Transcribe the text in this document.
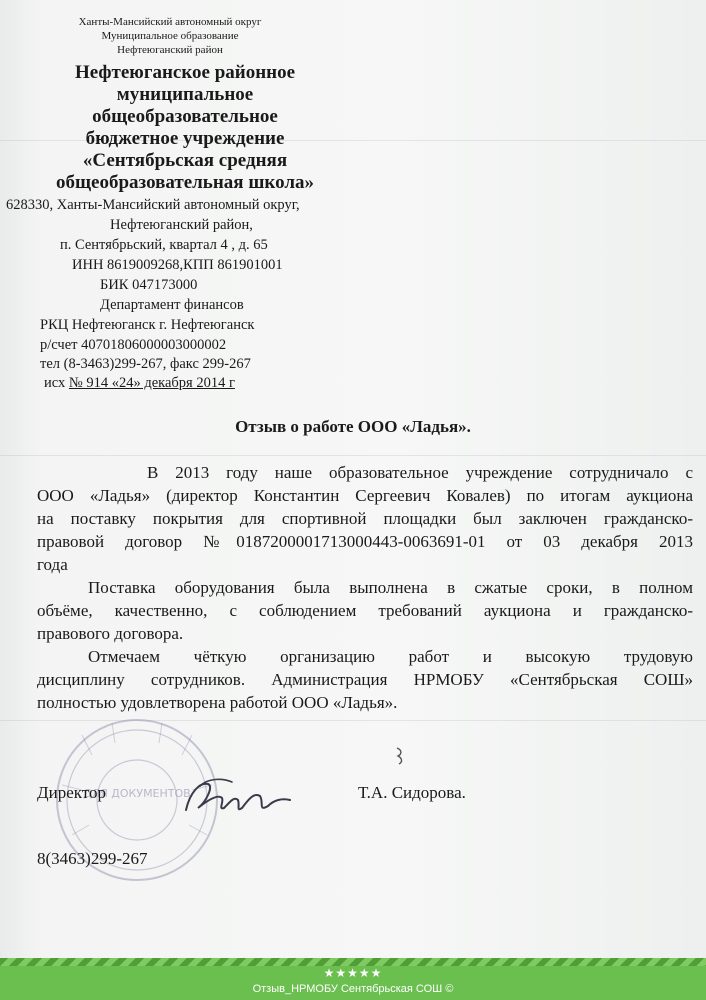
Ханты-Мансийский автономный округ
Муниципальное образование
Нефтеюганский район
Нефтеюганское районное
муниципальное
общеобразовательное
бюджетное учреждение
«Сентябрьская средняя
общеобразовательная школа»
628330, Ханты-Мансийский автономный округ,
Нефтеюганский район,
п. Сентябрьский, квартал 4 , д. 65
ИНН 8619009268,КПП 861901001
БИК 047173000
Департамент финансов
РКЦ Нефтеюганск г. Нефтеюганск
р/счет 40701806000003000002
тел (8-3463)299-267, факс 299-267
исх № 914 «24» декабря 2014 г
Отзыв о работе ООО «Ладья».
В 2013 году наше образовательное учреждение сотрудничало с
ООО «Ладья» (директор Константин Сергеевич Ковалев) по итогам аукциона
на поставку покрытия для спортивной площадки был заключен гражданско-
правовой договор №0187200001713000443-0063691-01 от 03 декабря 2013
года
Поставка оборудования была выполнена в сжатые сроки, в полном
объёме, качественно, с соблюдением требований аукциона и гражданско-
правового договора.
Отмечаем чёткую организацию работ и высокую трудовую
дисциплину сотрудников. Администрация НРМОБУ «Сентябрьская СОШ»
полностью удовлетворена работой ООО «Ладья».
ДЛЯ ДОКУМЕНТОВ
Директор	Т.А. Сидорова.
8(3463)299-267
★★★★★
Отзыв_НРМОБУ Сентябрьская СОШ ©
